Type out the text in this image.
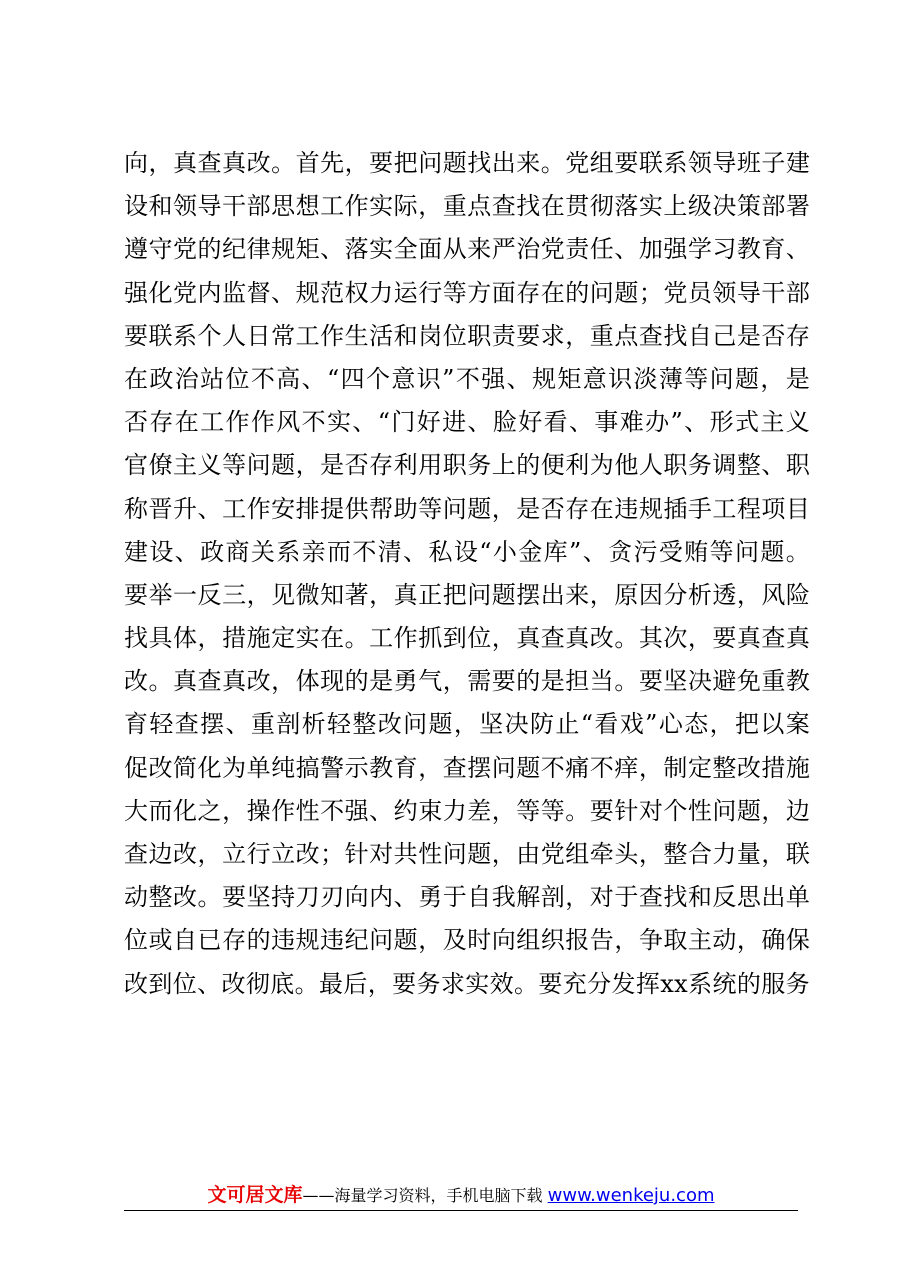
向 ， 真 查 真 改 。 首 先 ， 要 把 问 题 找 出 来 。 党 组 要 联 系 领 导 班 子 建
设 和 领 导 干 部 思 想 工 作 实 际 ， 重 点 查 找 在 贯 彻 落 实 上 级 决 策 部 署
遵 守 党 的 纪 律 规 矩 、 落 实 全 面 从 来 严 治 党 责 任 、 加 强 学 习 教 育 、
强 化 党 内 监 督 、 规 范 权 力 运 行 等 方 面 存 在 的 问 题 ； 党 员 领 导 干 部
要 联 系 个 人 日 常 工 作 生 活 和 岗 位 职 责 要 求 ， 重 点 查 找 自 己 是 否 存
在 政 治 站 位 不 高 、 “ 四 个 意 识 ” 不 强 、 规 矩 意 识 淡 薄 等 问 题 ， 是
否 存 在 工 作 作 风 不 实 、 “ 门 好 进 、 脸 好 看 、 事 难 办 ” 、 形 式 主 义
官 僚 主 义 等 问 题 ， 是 否 存 利 用 职 务 上 的 便 利 为 他 人 职 务 调 整 、 职
称 晋 升 、 工 作 安 排 提 供 帮 助 等 问 题 ， 是 否 存 在 违 规 插 手 工 程 项 目
建 设 、 政 商 关 系 亲 而 不 清 、 私 设 “ 小 金 库 ” 、 贪 污 受 贿 等 问 题 。
要 举 一 反 三 ， 见 微 知 著 ， 真 正 把 问 题 摆 出 来 ， 原 因 分 析 透 ， 风 险
找 具 体 ， 措 施 定 实 在 。 工 作 抓 到 位 ， 真 查 真 改 。 其 次 ， 要 真 查 真
改 。 真 查 真 改 ， 体 现 的 是 勇 气 ， 需 要 的 是 担 当 。 要 坚 决 避 免 重 教
育 轻 查 摆 、 重 剖 析 轻 整 改 问 题 ， 坚 决 防 止 “ 看 戏 ” 心 态 ， 把 以 案
促 改 简 化 为 单 纯 搞 警 示 教 育 ， 查 摆 问 题 不 痛 不 痒 ， 制 定 整 改 措 施
大 而 化 之 ， 操 作 性 不 强 、 约 束 力 差 ， 等 等 。 要 针 对 个 性 问 题 ， 边
查 边 改 ， 立 行 立 改 ； 针 对 共 性 问 题 ， 由 党 组 牵 头 ， 整 合 力 量 ， 联
动 整 改 。 要 坚 持 刀 刃 向 内 、 勇 于 自 我 解 剖 ， 对 于 查 找 和 反 思 出 单
位 或 自 已 存 的 违 规 违 纪 问 题 ， 及 时 向 组 织 报 告 ， 争 取 主 动 ， 确 保
改 到 位 、 改 彻 底 。 最 后 ， 要 务 求 实 效 。 要 充 分 发 挥 x x 系 统 的 服 务
文可居文库——海量学习资料，手机电脑下载 www.wenkeju.com
